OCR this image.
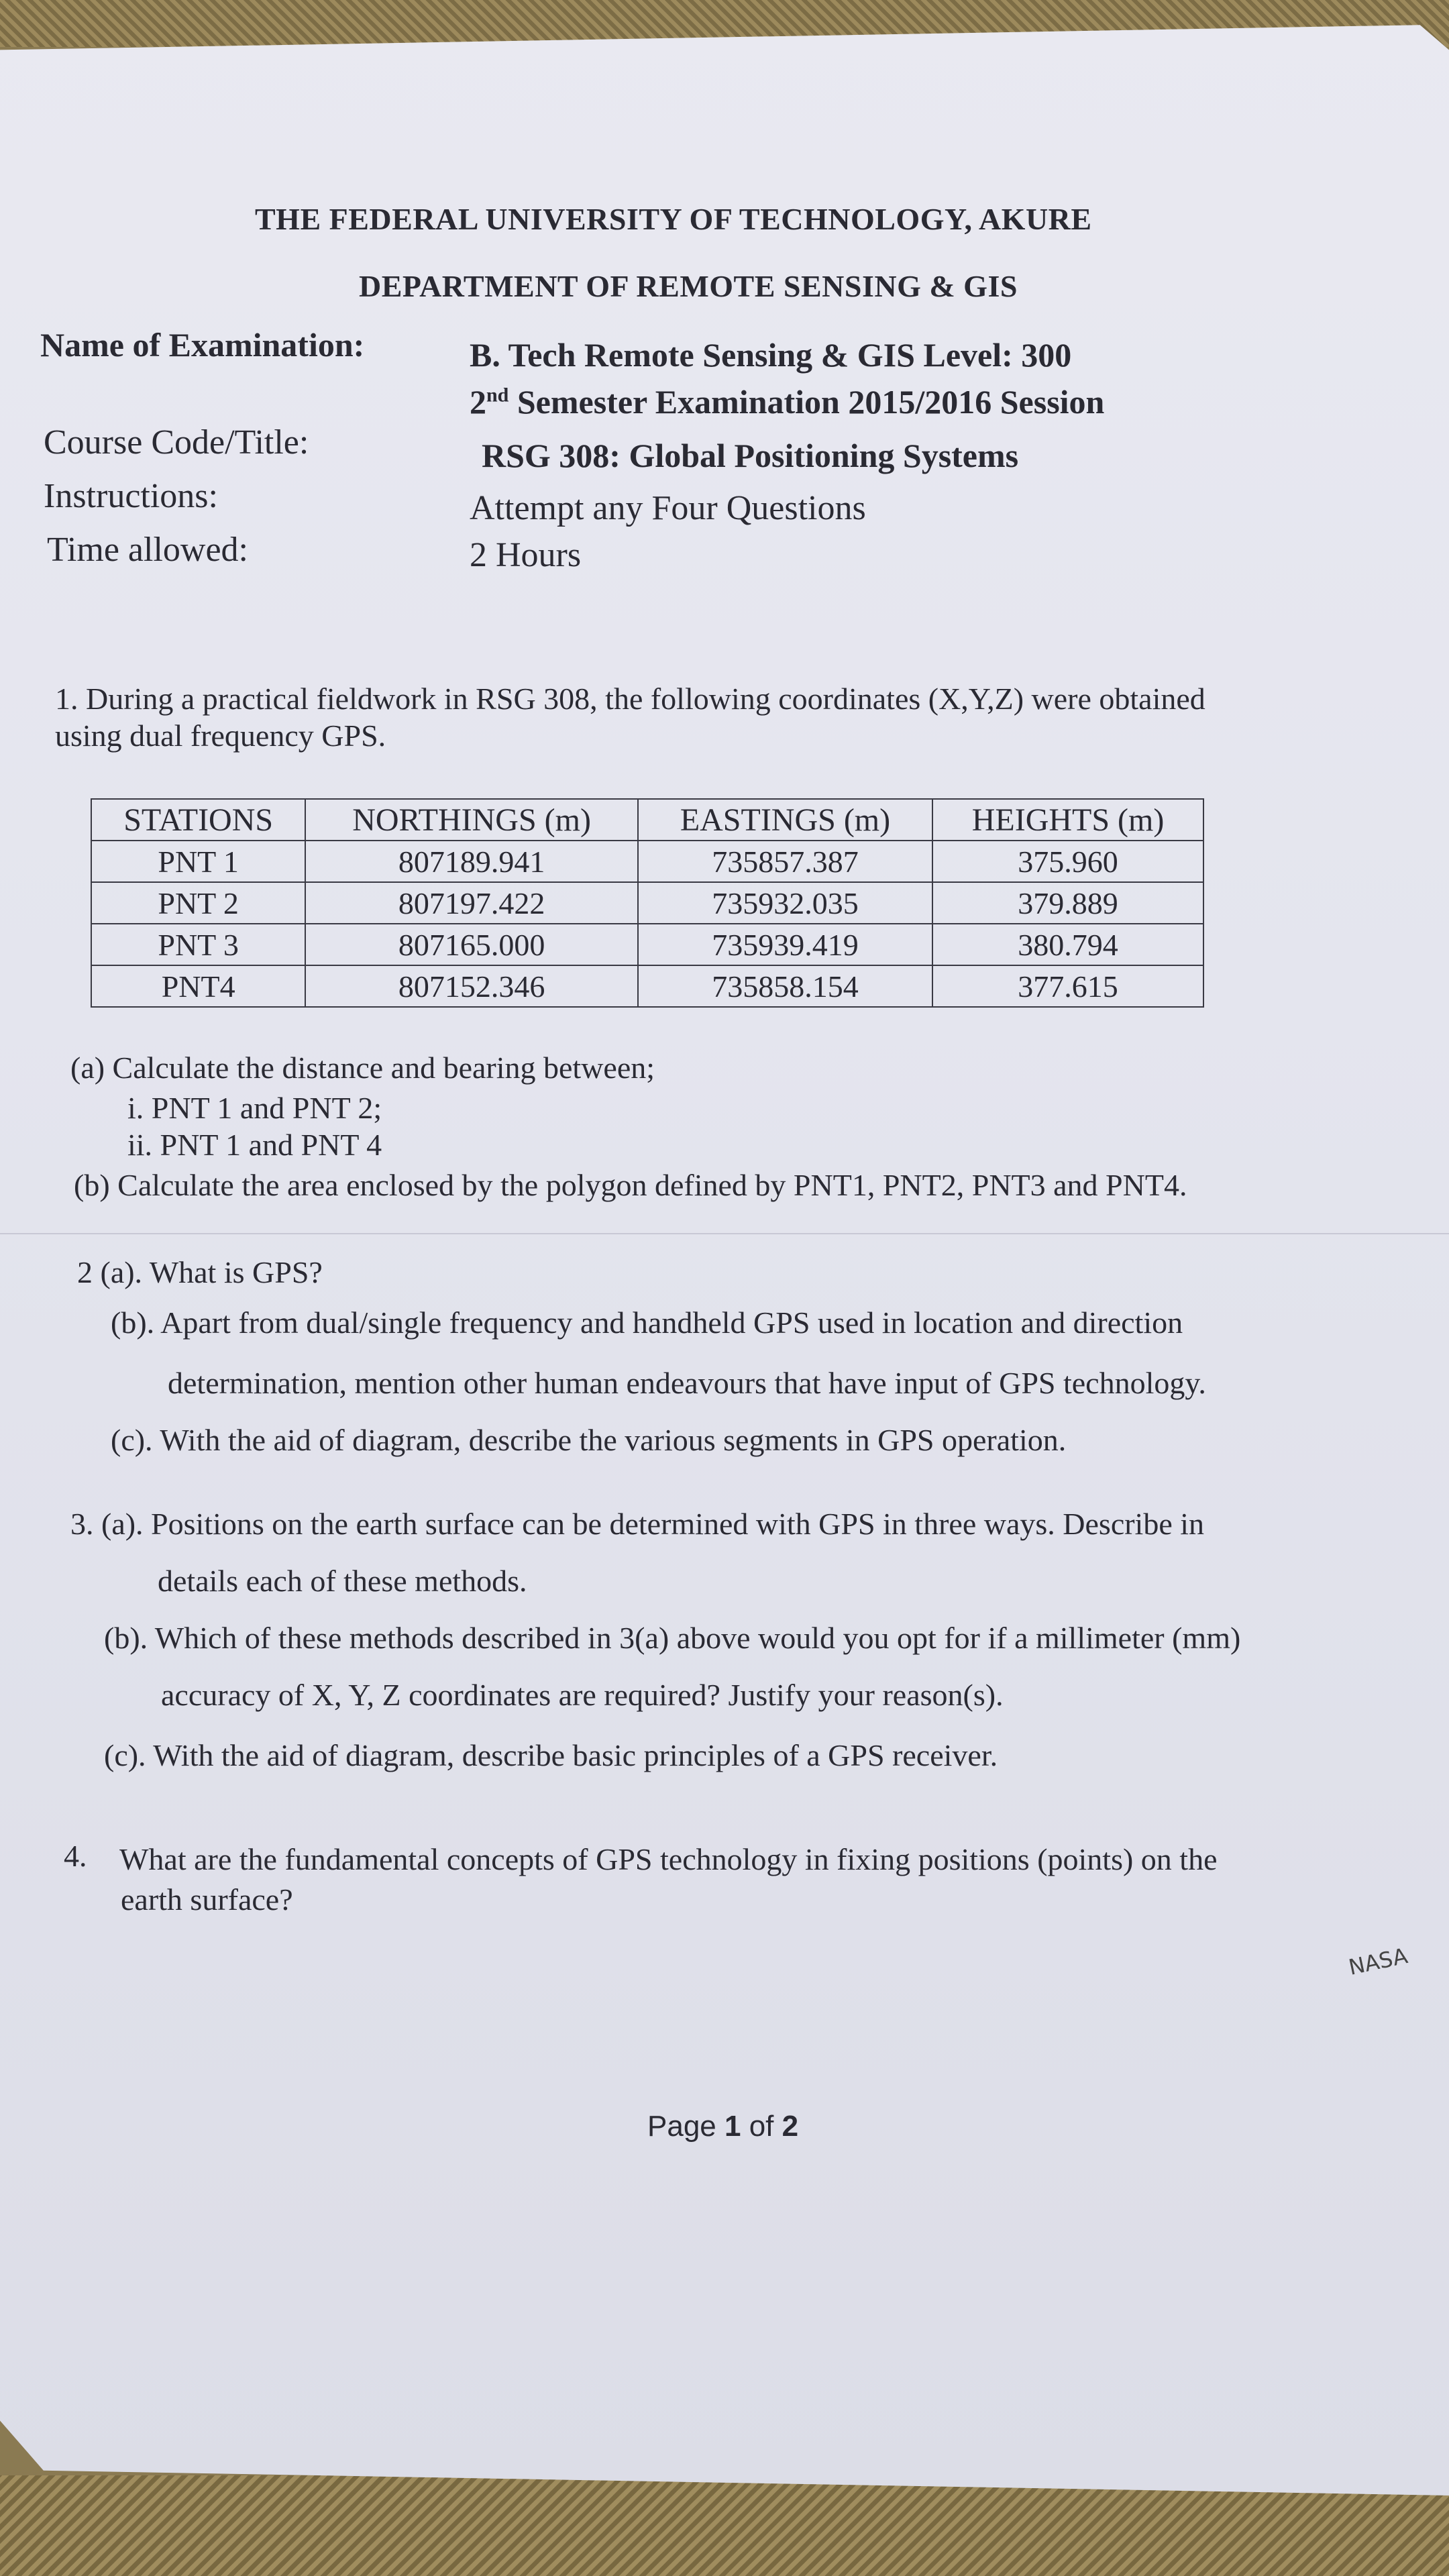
THE FEDERAL UNIVERSITY OF TECHNOLOGY, AKURE
DEPARTMENT OF REMOTE SENSING & GIS
Name of Examination:	B. Tech Remote Sensing & GIS Level: 300
2nd Semester Examination 2015/2016 Session
Course Code/Title:	RSG 308: Global Positioning Systems
Instructions:	Attempt any Four Questions
Time allowed:	2 Hours
1. During a practical fieldwork in RSG 308, the following coordinates (X,Y,Z) were obtained
using dual frequency GPS.
STATIONS	NORTHINGS (m)	EASTINGS (m)	HEIGHTS (m)
PNT 1	807189.941	735857.387	375.960
PNT 2	807197.422	735932.035	379.889
PNT 3	807165.000	735939.419	380.794
PNT4	807152.346	735858.154	377.615
(a) Calculate the distance and bearing between;
i. PNT 1 and PNT 2;
ii. PNT 1 and PNT 4
(b) Calculate the area enclosed by the polygon defined by PNT1, PNT2, PNT3 and PNT4.
2 (a). What is GPS?
(b). Apart from dual/single frequency and handheld GPS used in location and direction
determination, mention other human endeavours that have input of GPS technology.
(c). With the aid of diagram, describe the various segments in GPS operation.
3. (a). Positions on the earth surface can be determined with GPS in three ways. Describe in
details each of these methods.
(b). Which of these methods described in 3(a) above would you opt for if a millimeter (mm)
accuracy of X, Y, Z coordinates are required? Justify your reason(s).
(c). With the aid of diagram, describe basic principles of a GPS receiver.
4. What are the fundamental concepts of GPS technology in fixing positions (points) on the
earth surface?
NASA
Page 1 of 2
